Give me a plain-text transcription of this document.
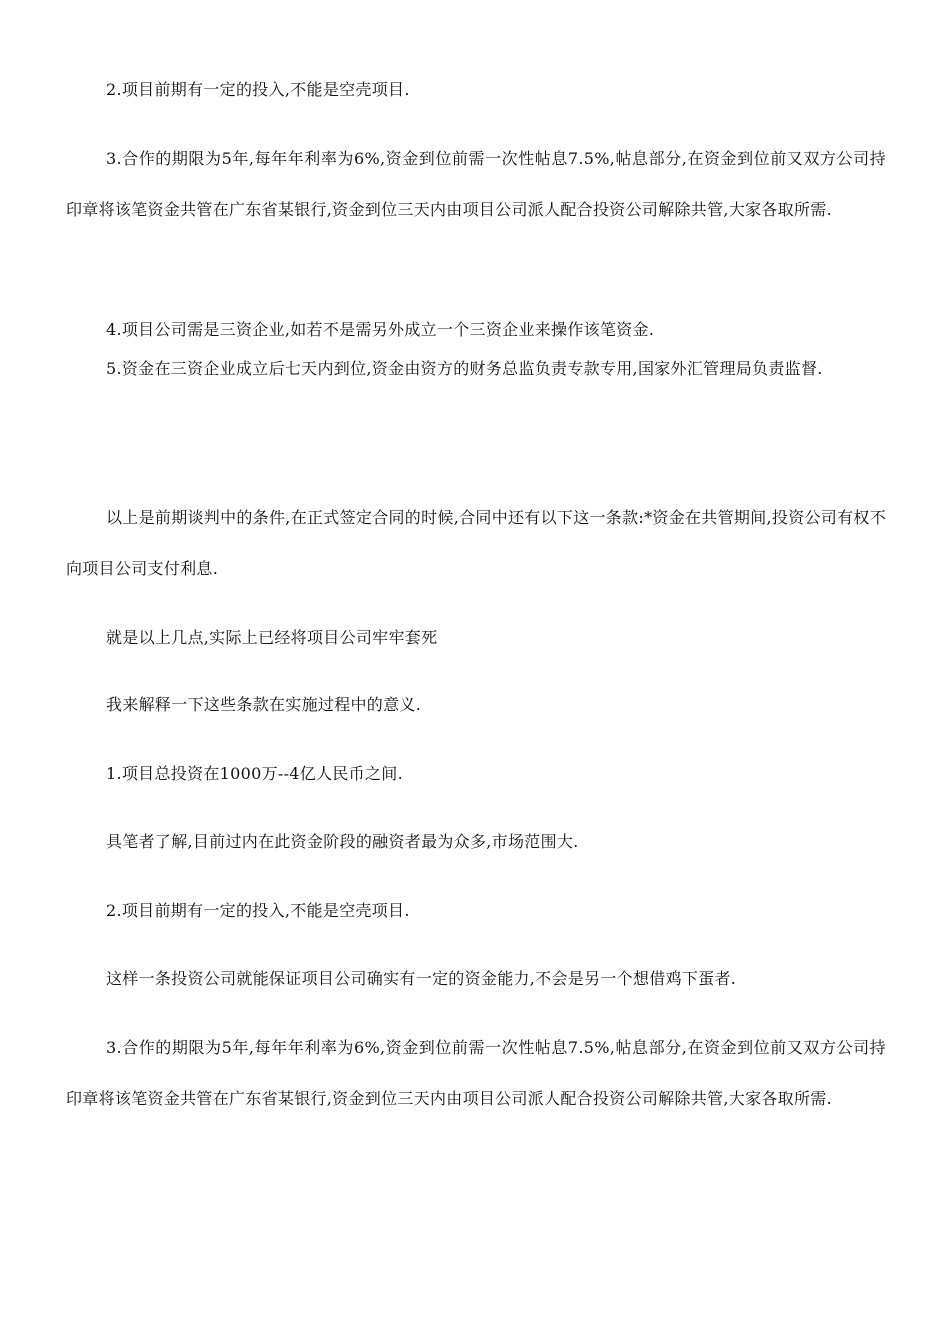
2.项目前期有一定的投入,不能是空壳项目.

3.合作的期限为5年,每年年利率为6%,资金到位前需一次性帖息7.5%,帖息部分,在资金到位前又双方公司持印章将该笔资金共管在广东省某银行,资金到位三天内由项目公司派人配合投资公司解除共管,大家各取所需.

4.项目公司需是三资企业,如若不是需另外成立一个三资企业来操作该笔资金.

5.资金在三资企业成立后七天内到位,资金由资方的财务总监负责专款专用,国家外汇管理局负责监督.

以上是前期谈判中的条件,在正式签定合同的时候,合同中还有以下这一条款:*资金在共管期间,投资公司有权不向项目公司支付利息.

就是以上几点,实际上已经将项目公司牢牢套死

我来解释一下这些条款在实施过程中的意义.

1.项目总投资在1000万--4亿人民币之间.

具笔者了解,目前过内在此资金阶段的融资者最为众多,市场范围大.

2.项目前期有一定的投入,不能是空壳项目.

这样一条投资公司就能保证项目公司确实有一定的资金能力,不会是另一个想借鸡下蛋者.

3.合作的期限为5年,每年年利率为6%,资金到位前需一次性帖息7.5%,帖息部分,在资金到位前又双方公司持印章将该笔资金共管在广东省某银行,资金到位三天内由项目公司派人配合投资公司解除共管,大家各取所需.
